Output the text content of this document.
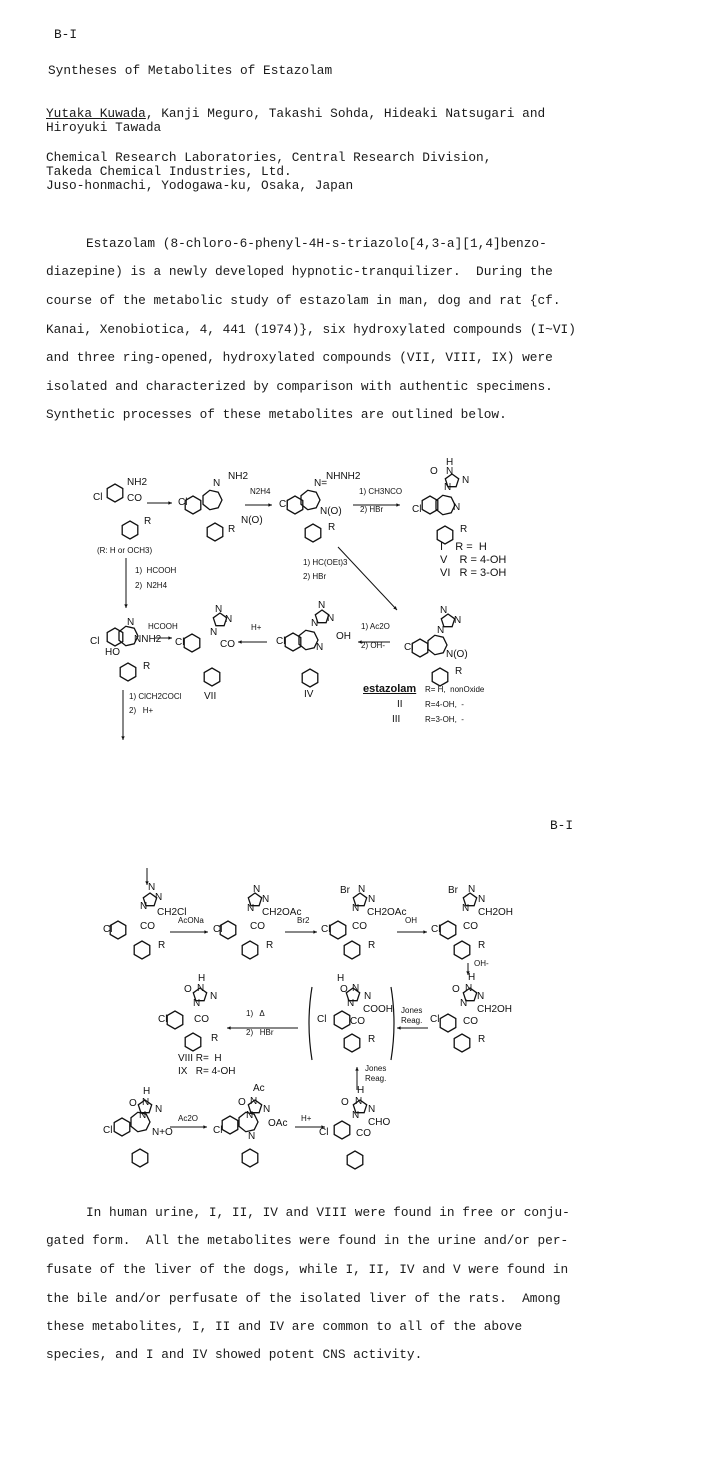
B-I
Syntheses of Metabolites of Estazolam
Yutaka Kuwada, Kanji Meguro, Takashi Sohda, Hideaki Natsugari and
Hiroyuki Tawada
Chemical Research Laboratories, Central Research Division,
Takeda Chemical Industries, Ltd.
Juso-honmachi, Yodogawa-ku, Osaka, Japan
Estazolam (8-chloro-6-phenyl-4H-s-triazolo[4,3-a][1,4]benzo-
diazepine) is a newly developed hypnotic-tranquilizer.  During the
course of the metabolic study of estazolam in man, dog and rat {cf.
Kanai, Xenobiotica, 4, 441 (1974)}, six hydroxylated compounds (I~VI)
and three ring-opened, hydroxylated compounds (VII, VIII, IX) were
isolated and characterized by comparison with authentic specimens.
Synthetic processes of these metabolites are outlined below.
NH2
Cl CO
R
(R: H or OCH3)
Cl
N
NH2
N(O)
R
N2H4
Cl
N=
NHNH2
N(O)
R
1) CH3NCO
2) HBr
H
O N
N
N
Cl	N
R
I    R =  H
V    R = 4-OH
VI   R = 3-OH
1) HC(OEt)3
2) HBr
1)  HCOOH
2)  N2H4
N
NNH2
Cl
HO
R
HCOOH
Cl
N
N
N
CO
VII
H+
Cl
N
N
N
OH
N
IV
1) Ac2O
2) OH- Cl
N
N
N
N(O)
R
estazolam R= H,  nonOxide
II	R=4-OH,  -
III	R=3-OH,  -
1) ClCH2COCl
2)   H+
N
N
N
CH2Cl
Cl	CO
R
AcONa
N
N
N CH2OAc
Cl	CO
R
Br2
Br N
N
N CH2OAc
Cl CO
R
OH
Br N
N
N CH2OH
Cl CO
R
OH-
H
O N
N
N
CH2OH
Cl CO
R
Jones
Reag.
H
O N
N
N
COOH
Cl CO
R
1)   Δ
2)   HBr
H
O N
N
N
Cl	CO
R
VIII R=  H
IX   R= 4-OH	Jones
Reag.
H
O N
N
N
Cl	N+O
Ac2O
Ac
O N
N
N
OAc
N
Cl
H+
H
O N
N
N
CHO
Cl	CO
B-I
In human urine, I, II, IV and VIII were found in free or conju-
gated form.  All the metabolites were found in the urine and/or per-
fusate of the liver of the dogs, while I, II, IV and V were found in
the bile and/or perfusate of the isolated liver of the rats.  Among
these metabolites, I, II and IV are common to all of the above
species, and I and IV showed potent CNS activity.
